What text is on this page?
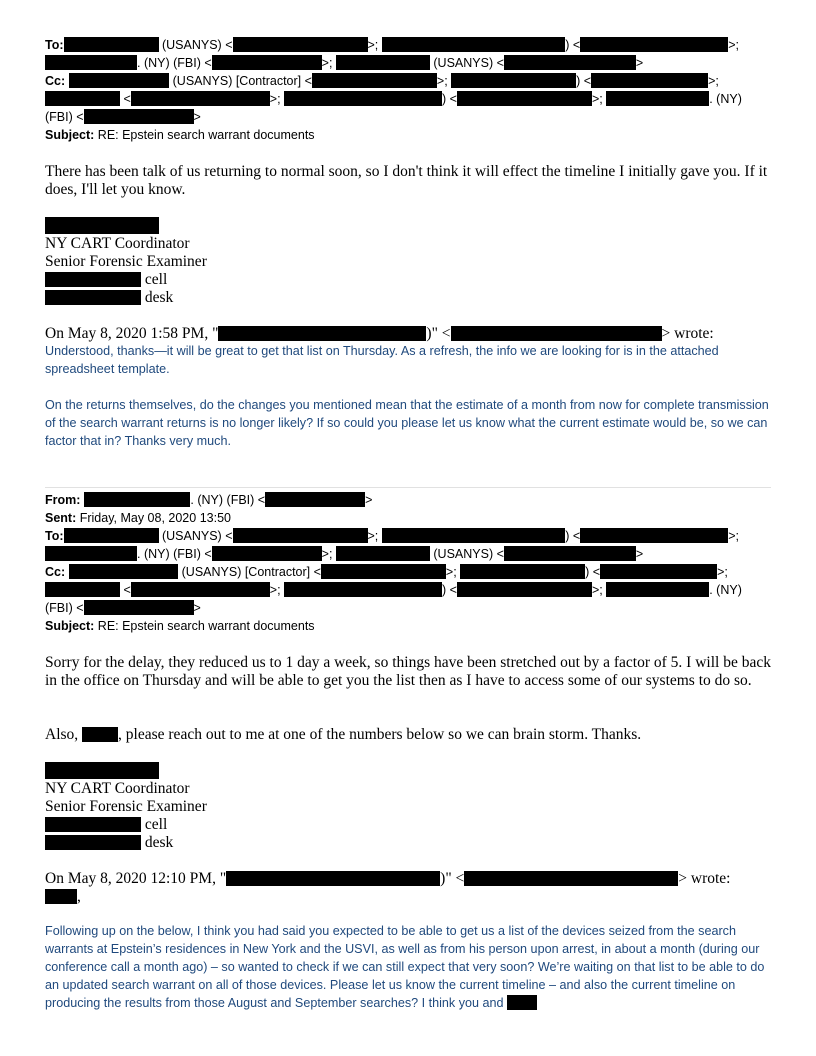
To:	(USANYS) <	>;	) <	>;
. (NY) (FBI) <	>;	(USANYS) <	>
Cc:	(USANYS) [Contractor] <	>;	) <	>;
<	>;	) <	>;	. (NY)
(FBI) <	>
Subject: RE: Epstein search warrant documents
There has been talk of us returning to normal soon, so I don't think it will effect the timeline I initially gave you. If it does, I'll let you know.
NY CART Coordinator
Senior Forensic Examiner
cell
desk
On May 8, 2020 1:58 PM, "	)" <	> wrote:
Understood, thanks—it will be great to get that list on Thursday. As a refresh, the info we are looking for is in the attached spreadsheet template.
On the returns themselves, do the changes you mentioned mean that the estimate of a month from now for complete transmission of the search warrant returns is no longer likely? If so could you please let us know what the current estimate would be, so we can factor that in? Thanks very much.
From:	. (NY) (FBI) <	>
Sent: Friday, May 08, 2020 13:50
To:	(USANYS) <	>;	) <	>;
. (NY) (FBI) <	>;	(USANYS) <	>
Cc:	(USANYS) [Contractor] <	>;	) <	>;
<	>;	) <	>;	. (NY)
(FBI) <	>
Subject: RE: Epstein search warrant documents
Sorry for the delay, they reduced us to 1 day a week, so things have been stretched out by a factor of 5. I will be back in the office on Thursday and will be able to get you the list then as I have to access some of our systems to do so.
Also, , please reach out to me at one of the numbers below so we can brain storm. Thanks.
NY CART Coordinator
Senior Forensic Examiner
cell
desk
On May 8, 2020 12:10 PM, "	)" <	> wrote:
,
Following up on the below, I think you had said you expected to be able to get us a list of the devices seized from the search warrants at Epstein’s residences in New York and the USVI, as well as from his person upon arrest, in about a month (during our conference call a month ago) – so wanted to check if we can still expect that very soon? We’re waiting on that list to be able to do an updated search warrant on all of those devices. Please let us know the current timeline – and also the current timeline on producing the results from those August and September searches? I think you and
